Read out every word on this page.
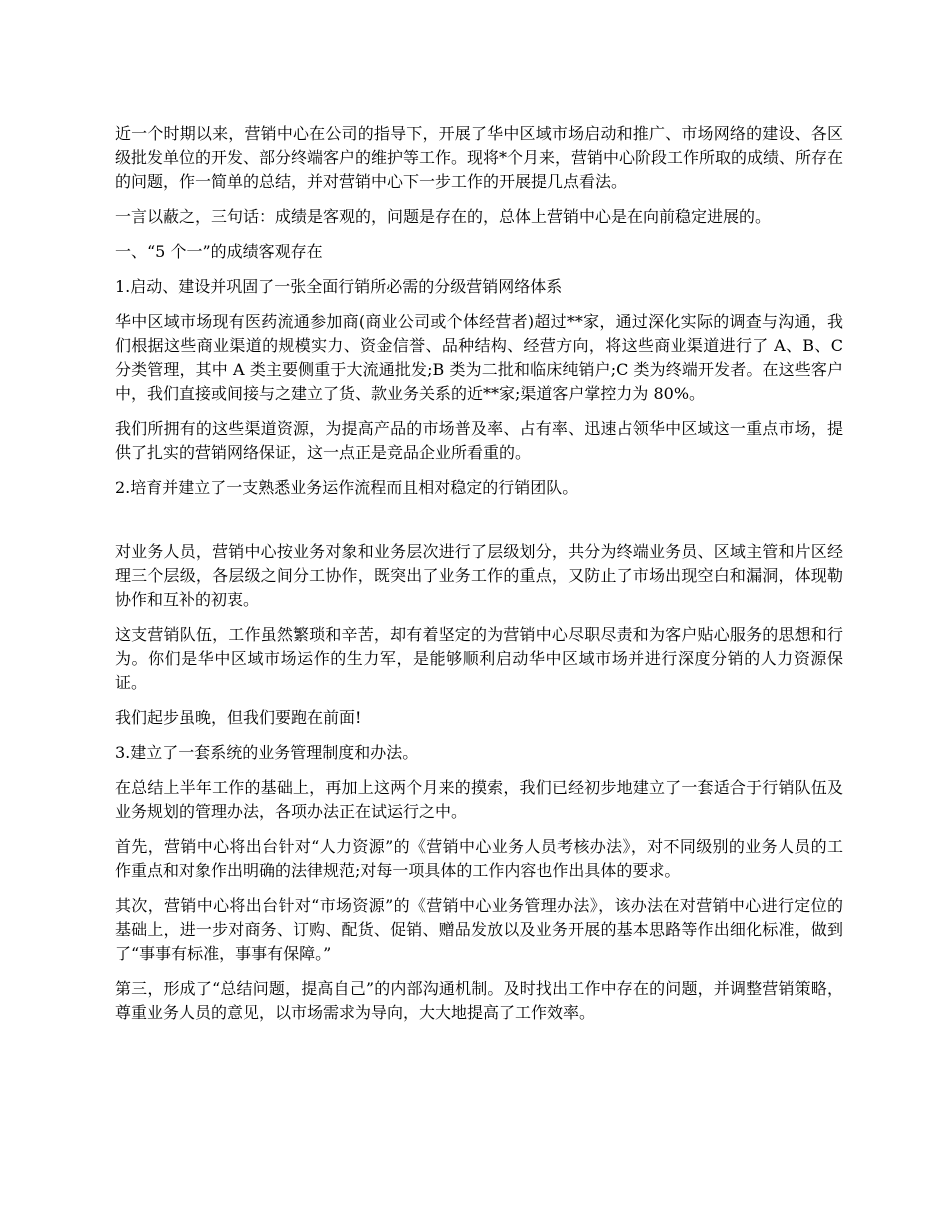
近一个时期以来，营销中心在公司的指导下，开展了华中区域市场启动和推广、市场网络的建设、各区级批发单位的开发、部分终端客户的维护等工作。现将*个月来，营销中心阶段工作所取的成绩、所存在的问题，作一简单的总结，并对营销中心下一步工作的开展提几点看法。

一言以蔽之，三句话：成绩是客观的，问题是存在的，总体上营销中心是在向前稳定进展的。

一、“5 个一”的成绩客观存在

1.启动、建设并巩固了一张全面行销所必需的分级营销网络体系

华中区域市场现有医药流通参加商(商业公司或个体经营者)超过**家，通过深化实际的调查与沟通，我们根据这些商业渠道的规模实力、资金信誉、品种结构、经营方向，将这些商业渠道进行了 A、B、C 分类管理，其中 A 类主要侧重于大流通批发;B 类为二批和临床纯销户;C 类为终端开发者。在这些客户中，我们直接或间接与之建立了货、款业务关系的近**家;渠道客户掌控力为 80%。

我们所拥有的这些渠道资源，为提高产品的市场普及率、占有率、迅速占领华中区域这一重点市场，提供了扎实的营销网络保证，这一点正是竞品企业所看重的。

2.培育并建立了一支熟悉业务运作流程而且相对稳定的行销团队。

对业务人员，营销中心按业务对象和业务层次进行了层级划分，共分为终端业务员、区域主管和片区经理三个层级，各层级之间分工协作，既突出了业务工作的重点，又防止了市场出现空白和漏洞，体现勒协作和互补的初衷。

这支营销队伍，工作虽然繁琐和辛苦，却有着坚定的为营销中心尽职尽责和为客户贴心服务的思想和行为。你们是华中区域市场运作的生力军，是能够顺利启动华中区域市场并进行深度分销的人力资源保证。

我们起步虽晚，但我们要跑在前面!

3.建立了一套系统的业务管理制度和办法。

在总结上半年工作的基础上，再加上这两个月来的摸索，我们已经初步地建立了一套适合于行销队伍及业务规划的管理办法，各项办法正在试运行之中。

首先，营销中心将出台针对“人力资源”的《营销中心业务人员考核办法》，对不同级别的业务人员的工作重点和对象作出明确的法律规范;对每一项具体的工作内容也作出具体的要求。

其次，营销中心将出台针对“市场资源”的《营销中心业务管理办法》，该办法在对营销中心进行定位的基础上，进一步对商务、订购、配货、促销、赠品发放以及业务开展的基本思路等作出细化标准，做到了“事事有标准，事事有保障。”

第三，形成了“总结问题，提高自己”的内部沟通机制。及时找出工作中存在的问题，并调整营销策略，尊重业务人员的意见，以市场需求为导向，大大地提高了工作效率。
